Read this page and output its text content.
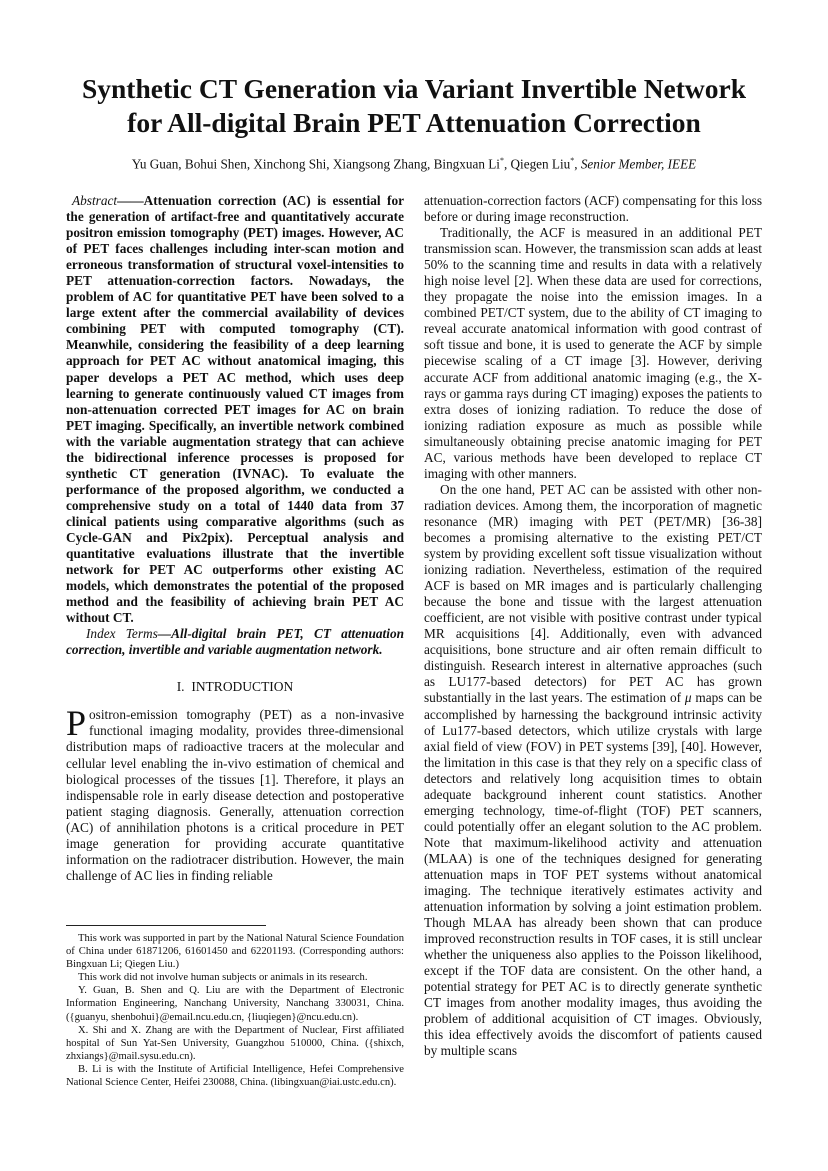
Synthetic CT Generation via Variant Invertible Network
for All-digital Brain PET Attenuation Correction
Yu Guan, Bohui Shen, Xinchong Shi, Xiangsong Zhang, Bingxuan Li*, Qiegen Liu*, Senior Member, IEEE

Abstract——Attenuation correction (AC) is essential for the generation of artifact-free and quantitatively accurate positron emission tomography (PET) images. However, AC of PET faces challenges including inter-scan motion and erroneous transformation of structural voxel-intensities to PET attenuation-correction factors. Nowadays, the problem of AC for quantitative PET have been solved to a large extent after the commercial availability of devices combining PET with computed tomography (CT). Meanwhile, considering the feasibility of a deep learning approach for PET AC without anatomical imaging, this paper develops a PET AC method, which uses deep learning to generate continuously valued CT images from non-attenuation corrected PET images for AC on brain PET imaging. Specifically, an invertible network combined with the variable augmentation strategy that can achieve the bidirectional inference processes is proposed for synthetic CT generation (IVNAC). To evaluate the performance of the proposed algorithm, we conducted a comprehensive study on a total of 1440 data from 37 clinical patients using comparative algorithms (such as Cycle-GAN and Pix2pix). Perceptual analysis and quantitative evaluations illustrate that the invertible network for PET AC outperforms other existing AC models, which demonstrates the potential of the proposed method and the feasibility of achieving brain PET AC without CT.

Index Terms—All-digital brain PET, CT attenuation correction, invertible and variable augmentation network.

I. INTRODUCTION

Positron-emission tomography (PET) as a non-invasive functional imaging modality, provides three-dimensional distribution maps of radioactive tracers at the molecular and cellular level enabling the in-vivo estimation of chemical and biological processes of the tissues [1]. Therefore, it plays an indispensable role in early disease detection and postoperative patient staging diagnosis. Generally, attenuation correction (AC) of annihilation photons is a critical procedure in PET image generation for providing accurate quantitative information on the radiotracer distribution. However, the main challenge of AC lies in finding reliable

This work was supported in part by the National Natural Science Foundation of China under 61871206, 61601450 and 62201193. (Corresponding authors: Bingxuan Li; Qiegen Liu.)

This work did not involve human subjects or animals in its research.

Y. Guan, B. Shen and Q. Liu are with the Department of Electronic Information Engineering, Nanchang University, Nanchang 330031, China. ({guanyu, shenbohui}@email.ncu.edu.cn, {liuqiegen}@ncu.edu.cn).

X. Shi and X. Zhang are with the Department of Nuclear, First affiliated hospital of Sun Yat-Sen University, Guangzhou 510000, China. ({shixch, zhxiangs}@mail.sysu.edu.cn).

B. Li is with the Institute of Artificial Intelligence, Hefei Comprehensive National Science Center, Heifei 230088, China. (libingxuan@iai.ustc.edu.cn).

attenuation-correction factors (ACF) compensating for this loss before or during image reconstruction.

Traditionally, the ACF is measured in an additional PET transmission scan. However, the transmission scan adds at least 50% to the scanning time and results in data with a relatively high noise level [2]. When these data are used for corrections, they propagate the noise into the emission images. In a combined PET/CT system, due to the ability of CT imaging to reveal accurate anatomical information with good contrast of soft tissue and bone, it is used to generate the ACF by simple piecewise scaling of a CT image [3]. However, deriving accurate ACF from additional anatomic imaging (e.g., the X-rays or gamma rays during CT imaging) exposes the patients to extra doses of ionizing radiation. To reduce the dose of ionizing radiation exposure as much as possible while simultaneously obtaining precise anatomic imaging for PET AC, various methods have been developed to replace CT imaging with other manners.

On the one hand, PET AC can be assisted with other non-radiation devices. Among them, the incorporation of magnetic resonance (MR) imaging with PET (PET/MR) [36-38] becomes a promising alternative to the existing PET/CT system by providing excellent soft tissue visualization without ionizing radiation. Nevertheless, estimation of the required ACF is based on MR images and is particularly challenging because the bone and tissue with the largest attenuation coefficient, are not visible with positive contrast under typical MR acquisitions [4]. Additionally, even with advanced acquisitions, bone structure and air often remain difficult to distinguish. Research interest in alternative approaches (such as LU177-based detectors) for PET AC has grown substantially in the last years. The estimation of μ maps can be accomplished by harnessing the background intrinsic activity of Lu177-based detectors, which utilize crystals with large axial field of view (FOV) in PET systems [39], [40]. However, the limitation in this case is that they rely on a specific class of detectors and relatively long acquisition times to obtain adequate background inherent count statistics. Another emerging technology, time-of-flight (TOF) PET scanners, could potentially offer an elegant solution to the AC problem. Note that maximum-likelihood activity and attenuation (MLAA) is one of the techniques designed for generating attenuation maps in TOF PET systems without anatomical imaging. The technique iteratively estimates activity and attenuation information by solving a joint estimation problem. Though MLAA has already been shown that can produce improved reconstruction results in TOF cases, it is still unclear whether the uniqueness also applies to the Poisson likelihood, except if the TOF data are consistent. On the other hand, a potential strategy for PET AC is to directly generate synthetic CT images from another modality images, thus avoiding the problem of additional acquisition of CT images. Obviously, this idea effectively avoids the discomfort of patients caused by multiple scans
